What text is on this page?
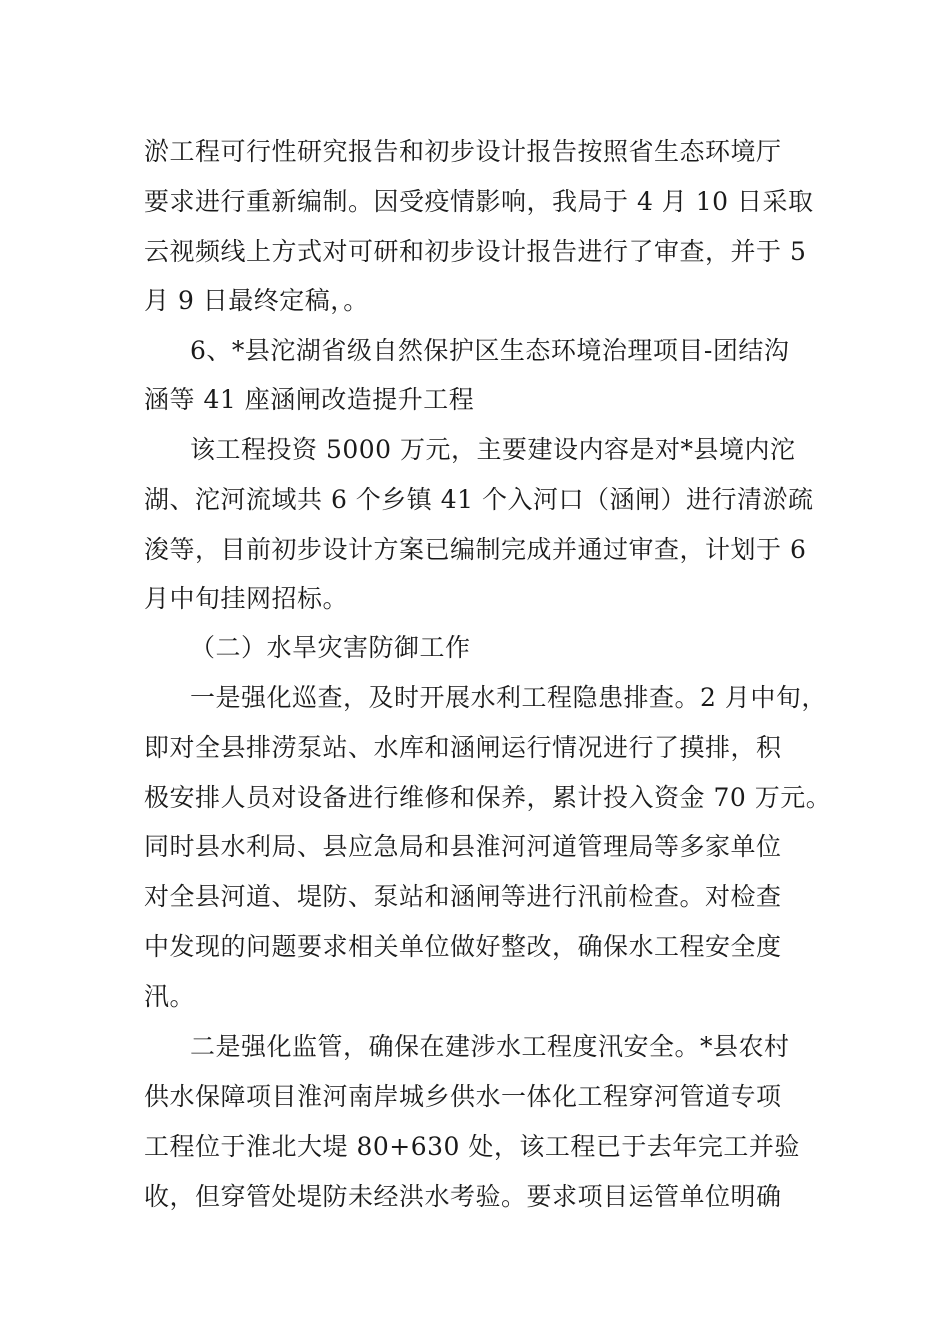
淤工程可行性研究报告和初步设计报告按照省生态环境厅
要求进行重新编制。因受疫情影响，我局于 4 月 10 日采取
云视频线上方式对可研和初步设计报告进行了审查，并于 5
月 9 日最终定稿，。
6、*县沱湖省级自然保护区生态环境治理项目-团结沟
涵等 41 座涵闸改造提升工程
该工程投资 5000 万元，主要建设内容是对*县境内沱
湖、沱河流域共 6 个乡镇 41 个入河口（涵闸）进行清淤疏
浚等，目前初步设计方案已编制完成并通过审查，计划于 6
月中旬挂网招标。
（二）水旱灾害防御工作
一是强化巡查，及时开展水利工程隐患排查。2 月中旬，
即对全县排涝泵站、水库和涵闸运行情况进行了摸排，积
极安排人员对设备进行维修和保养，累计投入资金 70 万元。
同时县水利局、县应急局和县淮河河道管理局等多家单位
对全县河道、堤防、泵站和涵闸等进行汛前检查。对检查
中发现的问题要求相关单位做好整改，确保水工程安全度
汛。
二是强化监管，确保在建涉水工程度汛安全。*县农村
供水保障项目淮河南岸城乡供水一体化工程穿河管道专项
工程位于淮北大堤 80+630 处，该工程已于去年完工并验
收，但穿管处堤防未经洪水考验。要求项目运管单位明确
